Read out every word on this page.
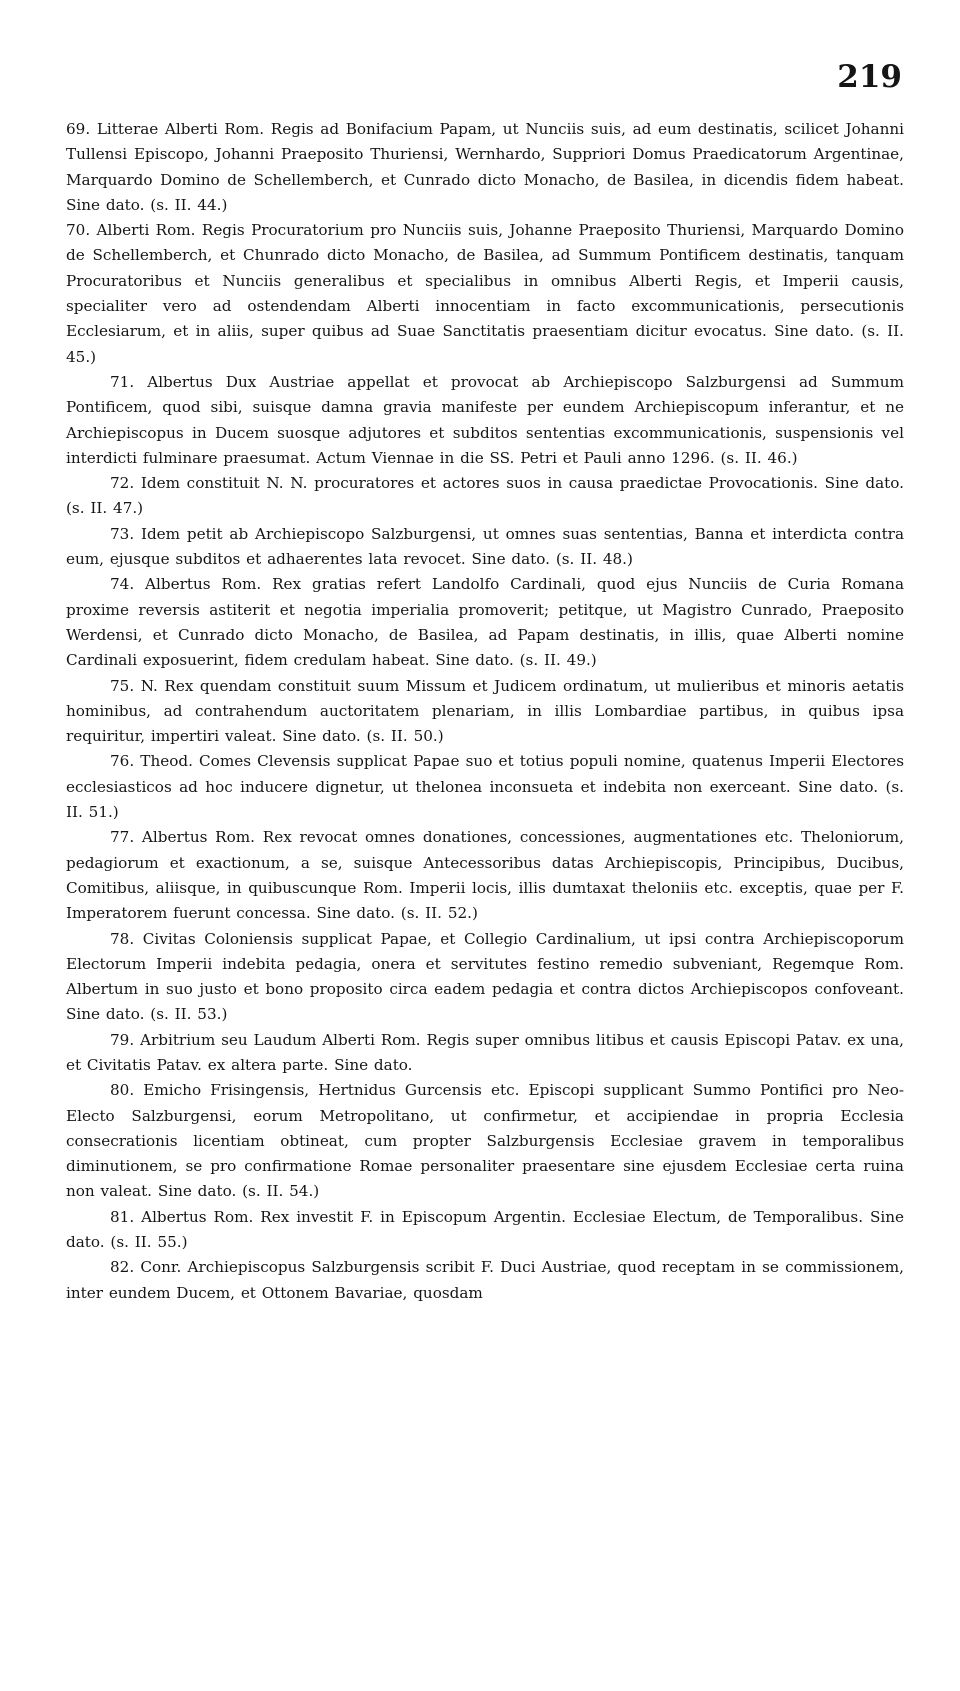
219

69. Litterae Alberti Rom. Regis ad Bonifacium Papam, ut Nunciis suis, ad eum destinatis, scilicet Johanni Tullensi Episcopo, Johanni Praeposito Thuriensi, Wernhardo, Suppriori Domus Praedicatorum Argentinae, Marquardo Domino de Schellemberch, et Cunrado dicto Monacho, de Basilea, in dicendis fidem habeat. Sine dato. (s. II. 44.)

70. Alberti Rom. Regis Procuratorium pro Nunciis suis, Johanne Praeposito Thuriensi, Marquardo Domino de Schellemberch, et Chunrado dicto Monacho, de Basilea, ad Summum Pontificem destinatis, tanquam Procuratoribus et Nunciis generalibus et specialibus in omnibus Alberti Regis, et Imperii causis, specialiter vero ad ostendendam Alberti innocentiam in facto excommunicationis, persecutionis Ecclesiarum, et in aliis, super quibus ad Suae Sanctitatis praesentiam dicitur evocatus. Sine dato. (s. II. 45.)

71. Albertus Dux Austriae appellat et provocat ab Archiepiscopo Salzburgensi ad Summum Pontificem, quod sibi, suisque damna gravia manifeste per eundem Archiepiscopum inferantur, et ne Archiepiscopus in Ducem suosque adjutores et subditos sententias excommunicationis, suspensionis vel interdicti fulminare praesumat. Actum Viennae in die SS. Petri et Pauli anno 1296. (s. II. 46.)

72. Idem constituit N. N. procuratores et actores suos in causa praedictae Provocationis. Sine dato. (s. II. 47.)

73. Idem petit ab Archiepiscopo Salzburgensi, ut omnes suas sententias, Banna et interdicta contra eum, ejusque subditos et adhaerentes lata revocet. Sine dato. (s. II. 48.)

74. Albertus Rom. Rex gratias refert Landolfo Cardinali, quod ejus Nunciis de Curia Romana proxime reversis astiterit et negotia imperialia promoverit; petitque, ut Magistro Cunrado, Praeposito Werdensi, et Cunrado dicto Monacho, de Basilea, ad Papam destinatis, in illis, quae Alberti nomine Cardinali exposuerint, fidem credulam habeat. Sine dato. (s. II. 49.)

75. N. Rex quendam constituit suum Missum et Judicem ordinatum, ut mulieribus et minoris aetatis hominibus, ad contrahendum auctoritatem plenariam, in illis Lombardiae partibus, in quibus ipsa requiritur, impertiri valeat. Sine dato. (s. II. 50.)

76. Theod. Comes Clevensis supplicat Papae suo et totius populi nomine, quatenus Imperii Electores ecclesiasticos ad hoc inducere dignetur, ut thelonea inconsueta et indebita non exerceant. Sine dato. (s. II. 51.)

77. Albertus Rom. Rex revocat omnes donationes, concessiones, augmentationes etc. Theloniorum, pedagiorum et exactionum, a se, suisque Antecessoribus datas Archiepiscopis, Principibus, Ducibus, Comitibus, aliisque, in quibuscunque Rom. Imperii locis, illis dumtaxat theloniis etc. exceptis, quae per F. Imperatorem fuerunt concessa. Sine dato. (s. II. 52.)

78. Civitas Coloniensis supplicat Papae, et Collegio Cardinalium, ut ipsi contra Archiepiscoporum Electorum Imperii indebita pedagia, onera et servitutes festino remedio subveniant, Regemque Rom. Albertum in suo justo et bono proposito circa eadem pedagia et contra dictos Archiepiscopos confoveant. Sine dato. (s. II. 53.)

79. Arbitrium seu Laudum Alberti Rom. Regis super omnibus litibus et causis Episcopi Patav. ex una, et Civitatis Patav. ex altera parte. Sine dato.

80. Emicho Frisingensis, Hertnidus Gurcensis etc. Episcopi supplicant Summo Pontifici pro Neo-Electo Salzburgensi, eorum Metropolitano, ut confirmetur, et accipiendae in propria Ecclesia consecrationis licentiam obtineat, cum propter Salzburgensis Ecclesiae gravem in temporalibus diminutionem, se pro confirmatione Romae personaliter praesentare sine ejusdem Ecclesiae certa ruina non valeat. Sine dato. (s. II. 54.)

81. Albertus Rom. Rex investit F. in Episcopum Argentin. Ecclesiae Electum, de Temporalibus. Sine dato. (s. II. 55.)

82. Conr. Archiepiscopus Salzburgensis scribit F. Duci Austriae, quod receptam in se commissionem, inter eundem Ducem, et Ottonem Bavariae, quosdam
